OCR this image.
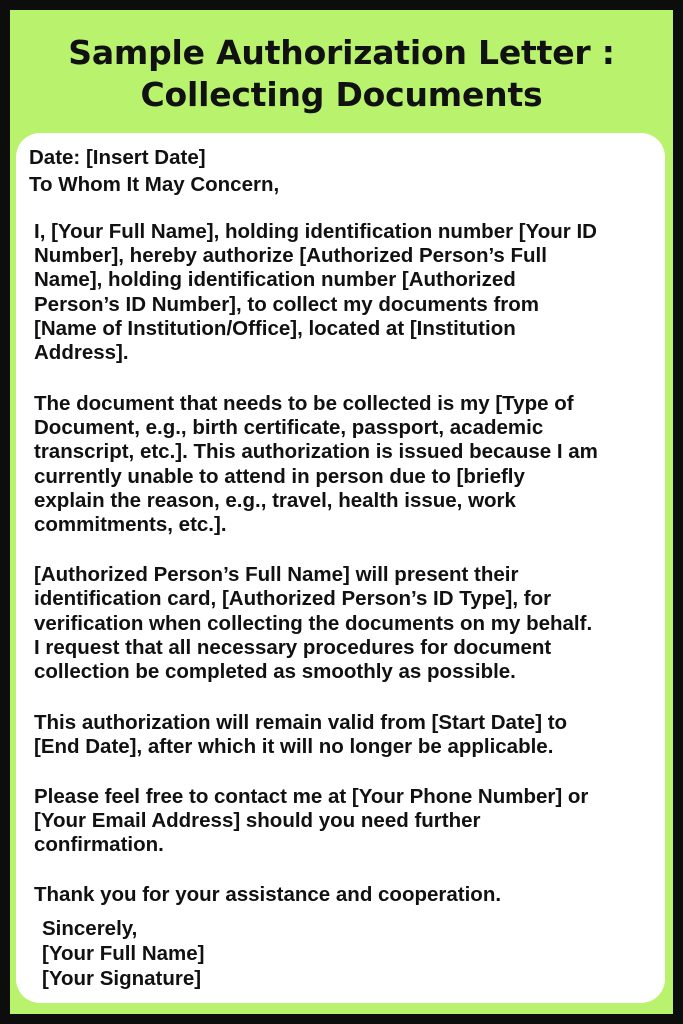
Sample Authorization Letter :
Collecting Documents
Date: [Insert Date]
To Whom It May Concern,
I, [Your Full Name], holding identification number [Your ID
Number], hereby authorize [Authorized Person’s Full
Name], holding identification number [Authorized
Person’s ID Number], to collect my documents from
[Name of Institution/Office], located at [Institution
Address].
The document that needs to be collected is my [Type of
Document, e.g., birth certificate, passport, academic
transcript, etc.]. This authorization is issued because I am
currently unable to attend in person due to [briefly
explain the reason, e.g., travel, health issue, work
commitments, etc.].
[Authorized Person’s Full Name] will present their
identification card, [Authorized Person’s ID Type], for
verification when collecting the documents on my behalf.
I request that all necessary procedures for document
collection be completed as smoothly as possible.
This authorization will remain valid from [Start Date] to
[End Date], after which it will no longer be applicable.
Please feel free to contact me at [Your Phone Number] or
[Your Email Address] should you need further
confirmation.
Thank you for your assistance and cooperation.
Sincerely,
[Your Full Name]
[Your Signature]
